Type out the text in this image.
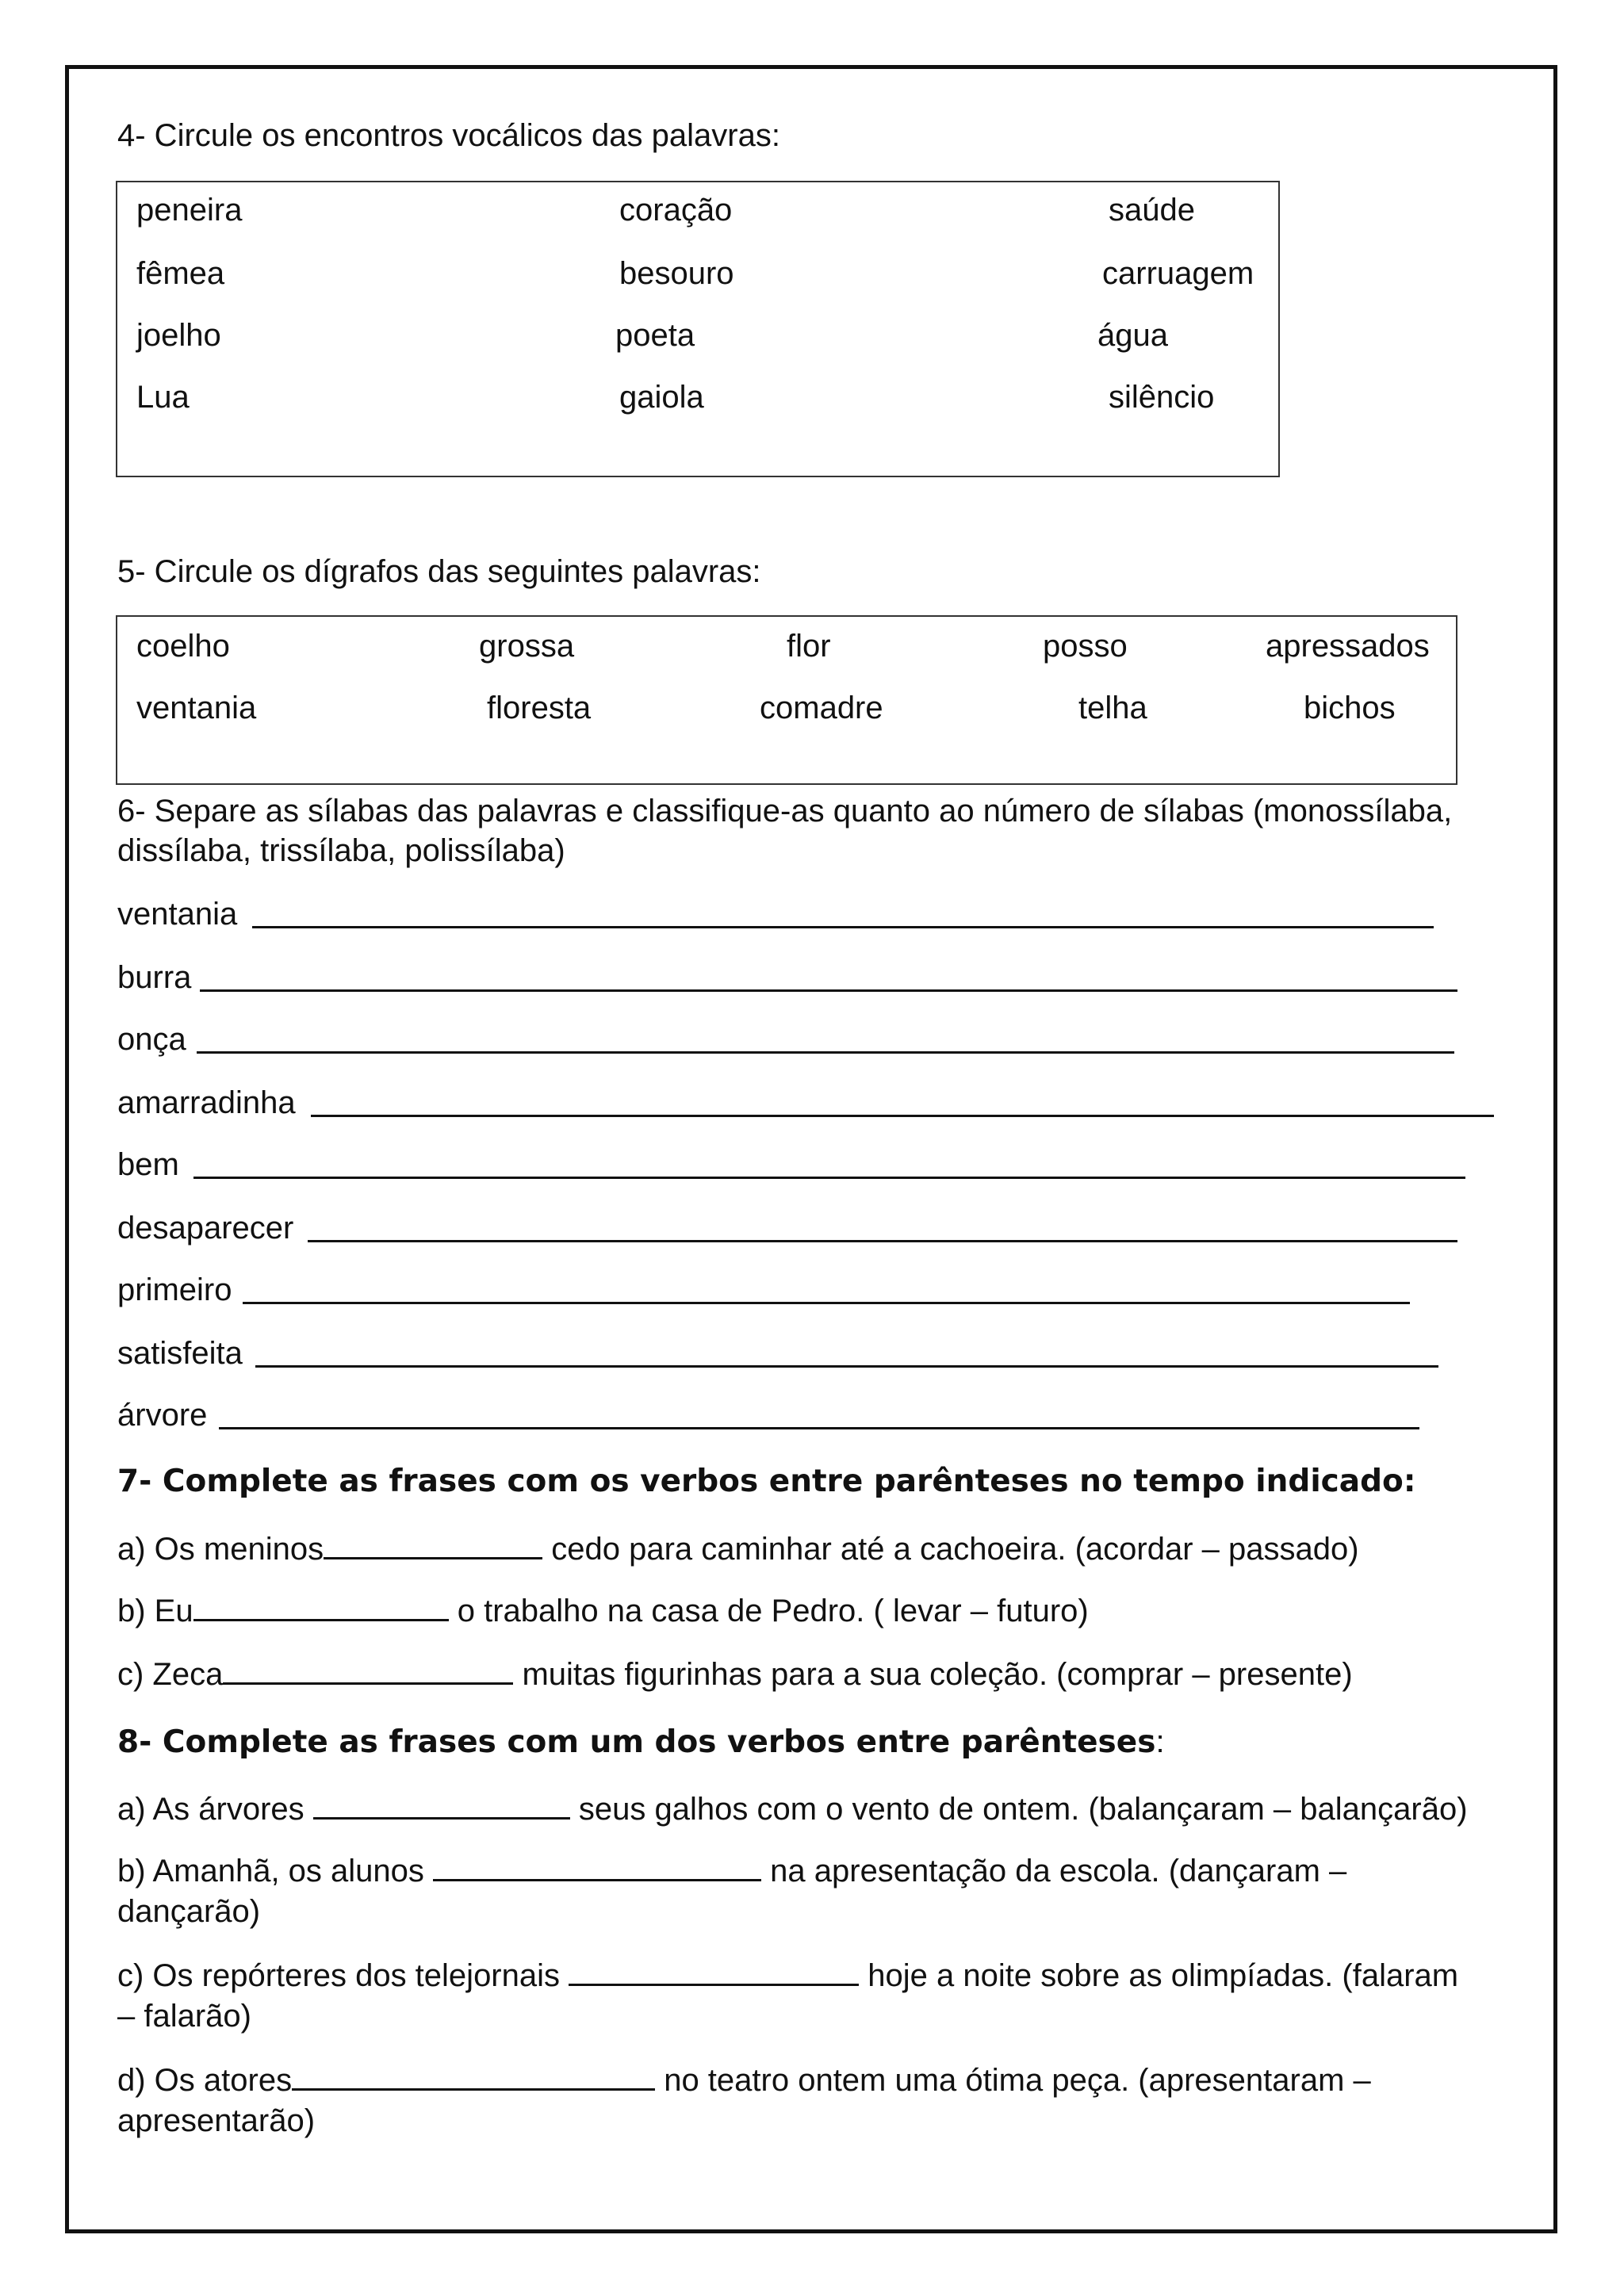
4- Circule os encontros vocálicos das palavras:
peneira	coração	saúde
fêmea	besouro	carruagem
joelho	poeta	água
Lua	gaiola	silêncio
5- Circule os dígrafos das seguintes palavras:
coelho	grossa	flor	posso	apressados
ventania	floresta	comadre	telha	bichos
6- Separe as sílabas das palavras e classifique-as quanto ao número de sílabas (monossílaba,
dissílaba, trissílaba, polissílaba)
ventania
burra
onça
amarradinha
bem
desaparecer
primeiro
satisfeita
árvore
7- Complete as frases com os verbos entre parênteses no tempo indicado:
a) Os meninos	cedo para caminhar até a cachoeira. (acordar – passado)
b) Eu	o trabalho na casa de Pedro. ( levar – futuro)
c) Zeca	muitas figurinhas para a sua coleção. (comprar – presente)
8- Complete as frases com um dos verbos entre parênteses:
a) As árvores	seus galhos com o vento de ontem. (balançaram – balançarão)
b) Amanhã, os alunos	na apresentação da escola. (dançaram –
dançarão)
c) Os repórteres dos telejornais	hoje a noite sobre as olimpíadas. (falaram
– falarão)
d) Os atores	no teatro ontem uma ótima peça. (apresentaram –
apresentarão)
